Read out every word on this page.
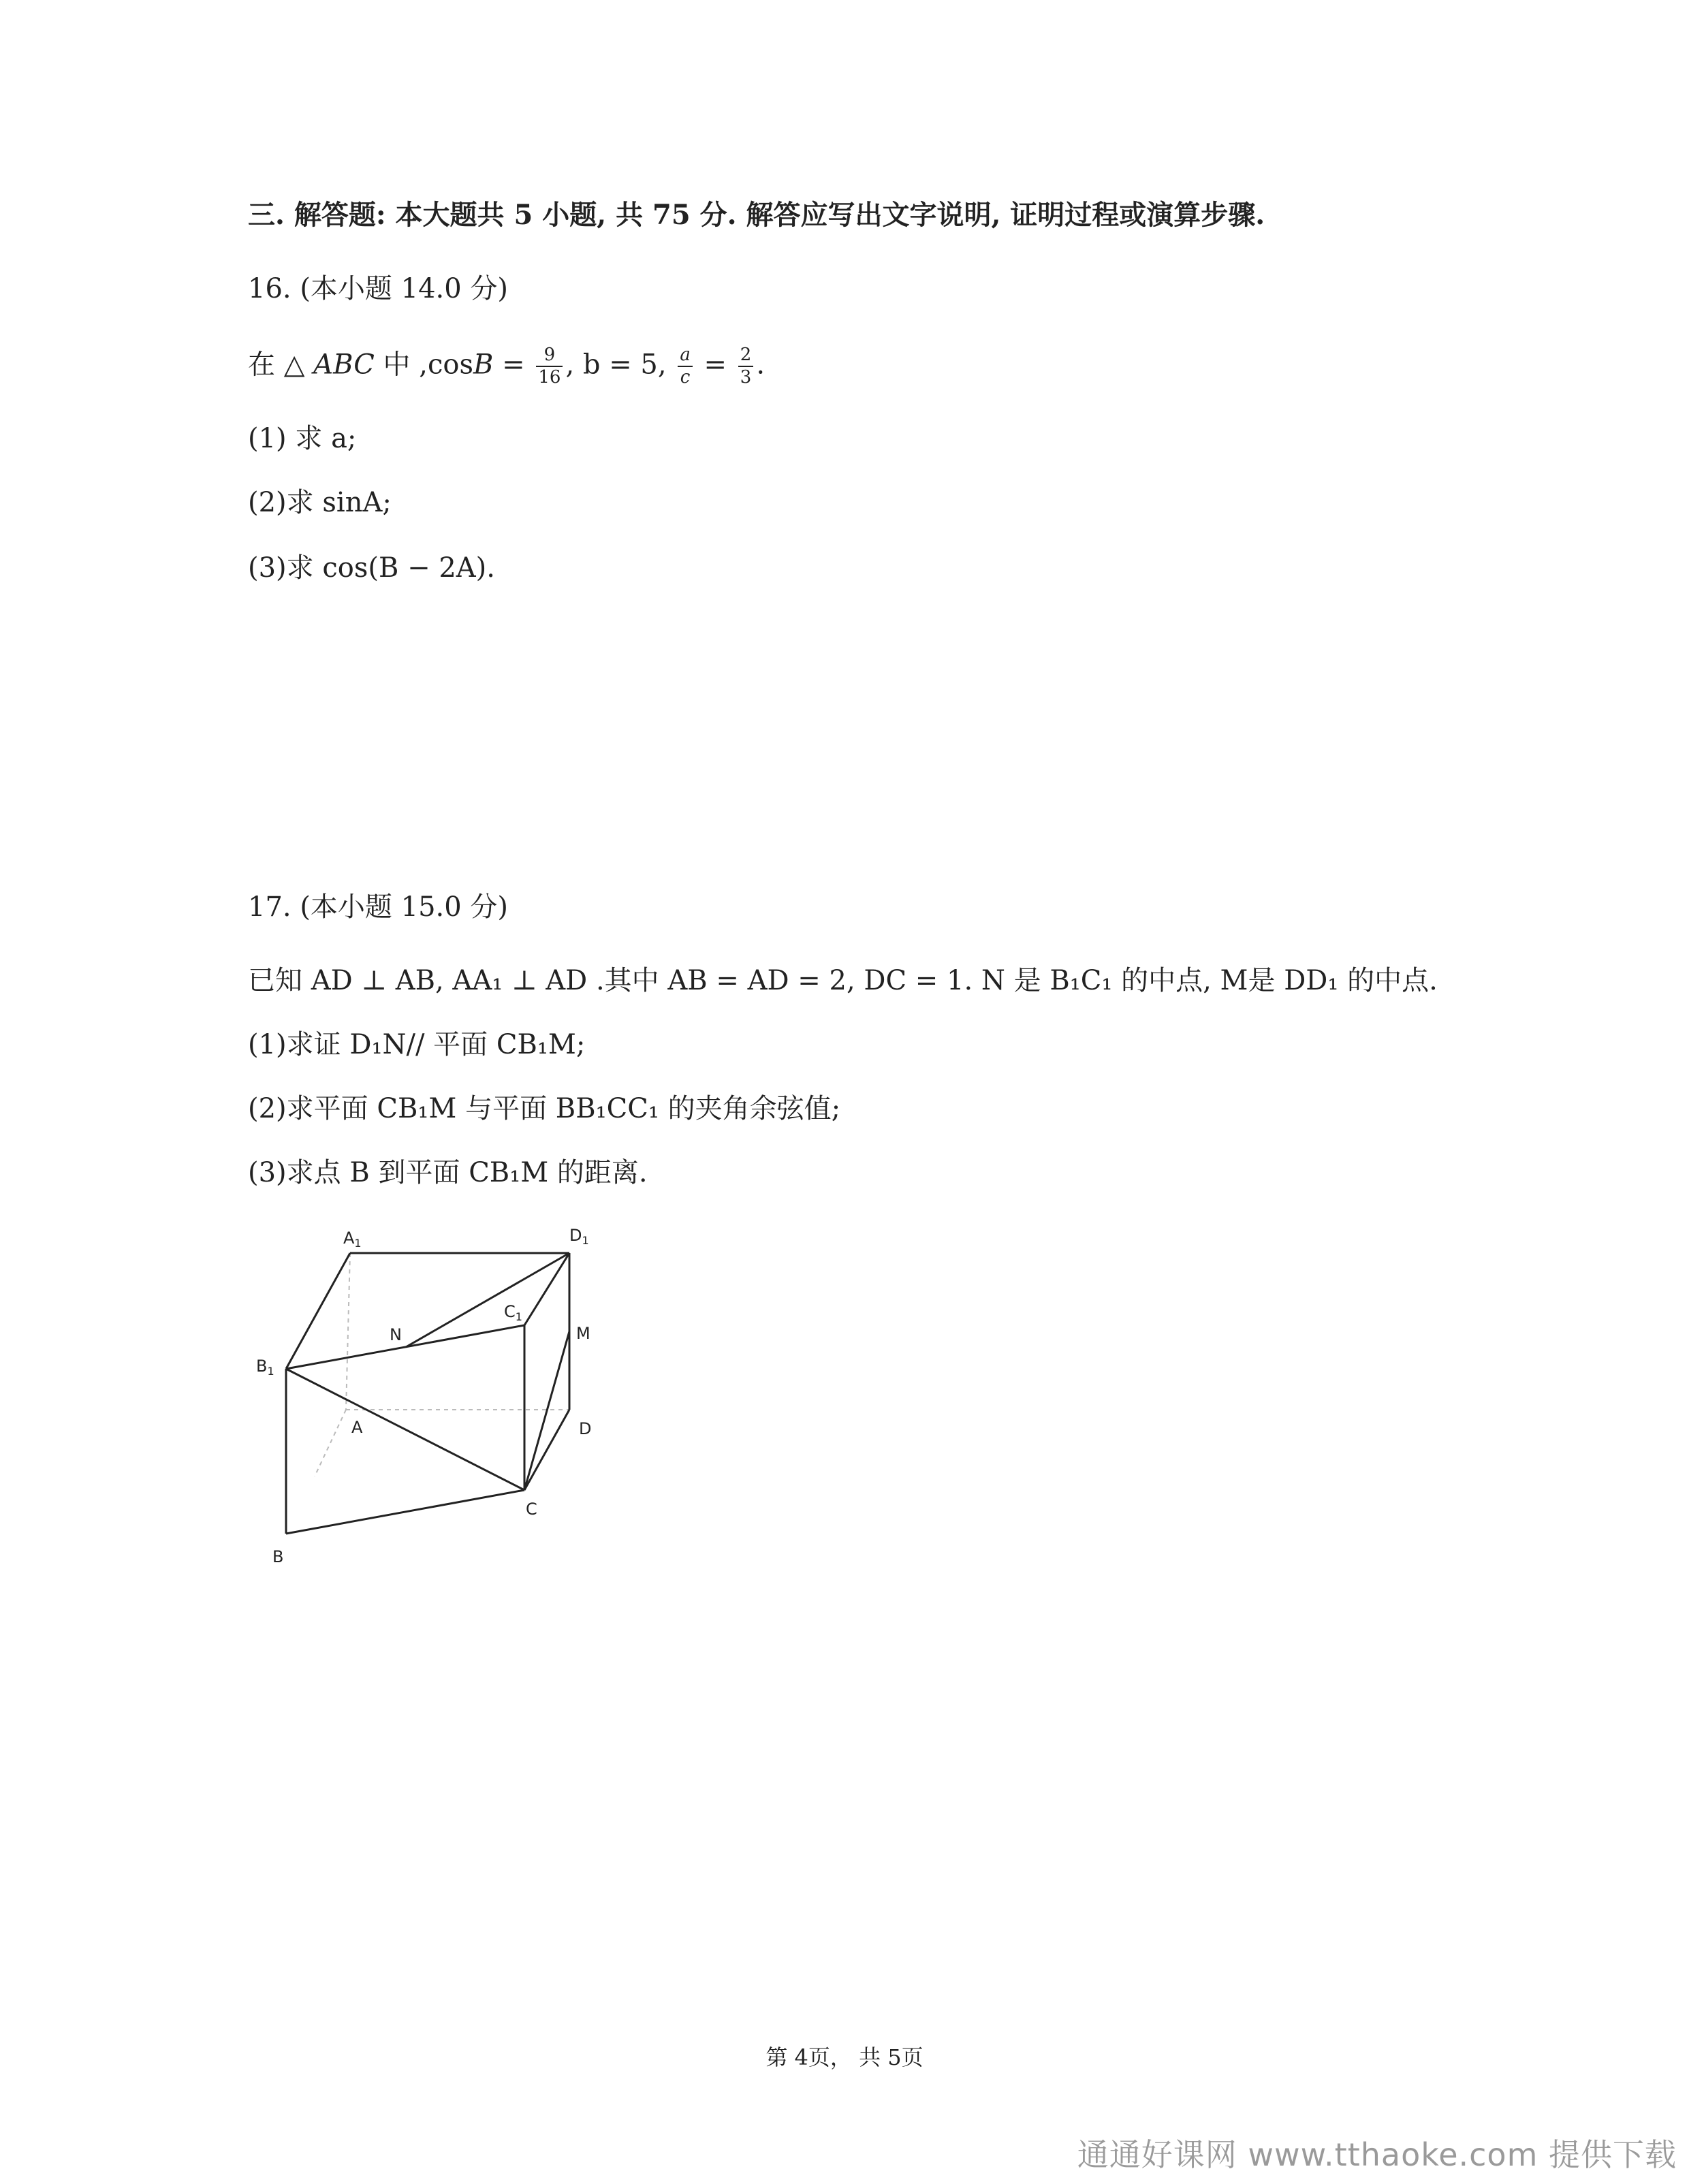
三. 解答题: 本大题共 5 小题, 共 75 分. 解答应写出文字说明, 证明过程或演算步骤.
16. (本小题 14.0 分)
在 △ ABC 中 $,\cos B = \frac{9}{16}$ , b = 5, $\frac{a}{c} = \frac{2}{3}$ .
(1) 求 a;
(2)求 sinA;
(3)求 cos(B − 2A).
17. (本小题 15.0 分)
已知 AD ⊥ AB, AA₁ ⊥ AD .其中 AB = AD = 2, DC = 1. N 是 B₁C₁ 的中点, M是 DD₁ 的中点.
(1)求证 D₁N// 平面 CB₁M;
(2)求平面 CB₁M 与平面 BB₁CC₁ 的夹角余弦值;
(3)求点 B 到平面 CB₁M 的距离.
$A_1$	$D_1$
$C_1$
$B_1$
N	M
A	D
C
B
第 4页， 共 5页
通通好课网 www.tthaoke.com 提供下载
